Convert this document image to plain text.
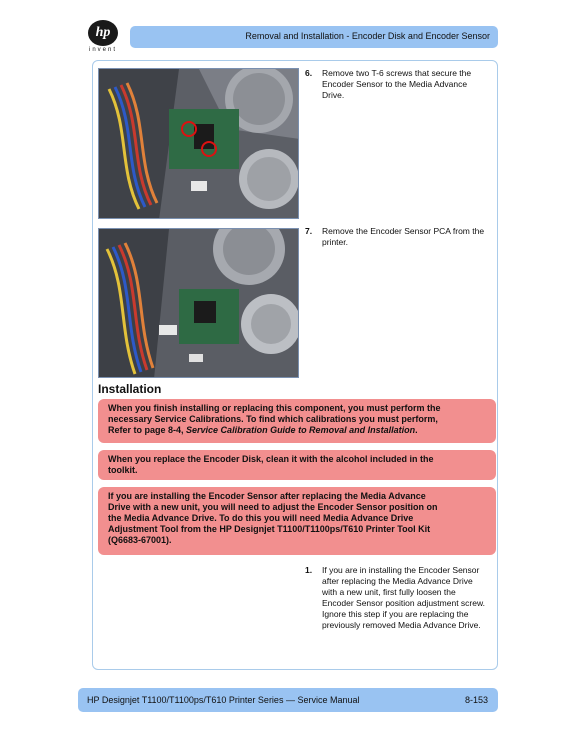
hp
invent
Removal and Installation - Encoder Disk and Encoder Sensor
6. Remove two T-6 screws that secure the
Encoder Sensor to the Media Advance
Drive.
7. Remove the Encoder Sensor PCA from the
printer.
Installation
When you finish installing or replacing this component, you must perform the
necessary Service Calibrations. To find which calibrations you must perform,
Refer to page 8-4, Service Calibration Guide to Removal and Installation.
When you replace the Encoder Disk, clean it with the alcohol included in the
toolkit.
If you are installing the Encoder Sensor after replacing the Media Advance
Drive with a new unit, you will need to adjust the Encoder Sensor position on
the Media Advance Drive. To do this you will need Media Advance Drive
Adjustment Tool from the HP Designjet T1100/T1100ps/T610 Printer Tool Kit
(Q6683-67001).
1. If you are in installing the Encoder Sensor
after replacing the Media Advance Drive
with a new unit, first fully loosen the
Encoder Sensor position adjustment screw.
Ignore this step if you are replacing the
previously removed Media Advance Drive.
HP Designjet T1100/T1100ps/T610 Printer Series — Service Manual	8-153
